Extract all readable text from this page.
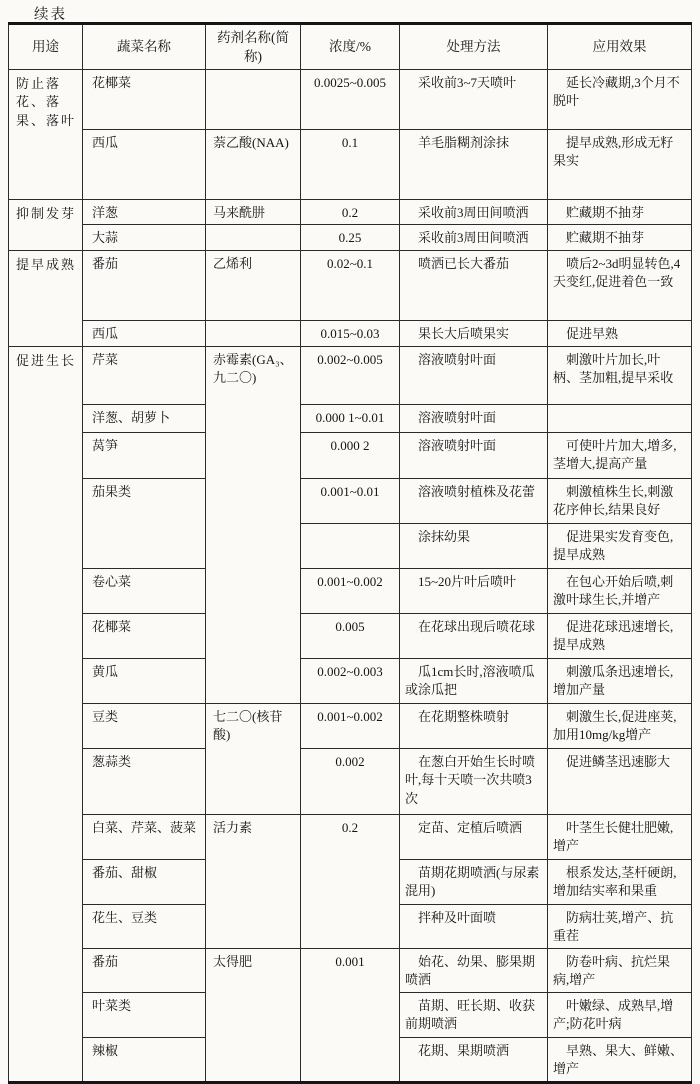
续表
用途	蔬菜名称	药剂名称(简称)	浓度/%	处理方法	应用效果
防止落花、落果、落叶	花椰菜		0.0025~0.005	采收前3~7天喷叶	延长冷藏期,3个月不脱叶
	西瓜	萘乙酸(NAA)	0.1	羊毛脂糊剂涂抹	提早成熟,形成无籽果实
抑制发芽	洋葱	马来酰肼	0.2	采收前3周田间喷洒	贮藏期不抽芽
	大蒜		0.25	采收前3周田间喷洒	贮藏期不抽芽
提早成熟	番茄	乙烯利	0.02~0.1	喷洒已长大番茄	喷后2~3d明显转色,4天变红,促进着色一致
	西瓜		0.015~0.03	果长大后喷果实	促进早熟
促进生长	芹菜	赤霉素(GA₃、九二〇)	0.002~0.005	溶液喷射叶面	刺激叶片加长,叶柄、茎加粗,提早采收
	洋葱、胡萝卜		0.000 1~0.01	溶液喷射叶面	
	莴笋		0.000 2	溶液喷射叶面	可使叶片加大,增多,茎增大,提高产量
	茄果类		0.001~0.01	溶液喷射植株及花蕾	刺激植株生长,刺激花序伸长,结果良好
				涂抹幼果	促进果实发育变色,提早成熟
	卷心菜		0.001~0.002	15~20片叶后喷叶	在包心开始后喷,刺激叶球生长,并增产
	花椰菜		0.005	在花球出现后喷花球	促进花球迅速增长,提早成熟
	黄瓜		0.002~0.003	瓜1cm长时,溶液喷瓜或涂瓜把	刺激瓜条迅速增长,增加产量
	豆类	七二〇(核苷酸)	0.001~0.002	在花期整株喷射	刺激生长,促进座荚,加用10mg/kg增产
	葱蒜类		0.002	在葱白开始生长时喷叶,每十天喷一次共喷3次	促进鳞茎迅速膨大
	白菜、芹菜、菠菜	活力素	0.2	定苗、定植后喷洒	叶茎生长健壮肥嫩,增产
	番茄、甜椒			苗期花期喷洒(与尿素混用)	根系发达,茎杆硬朗,增加结实率和果重
	花生、豆类			拌种及叶面喷	防病壮荚,增产、抗重茬
	番茄	太得肥	0.001	始花、幼果、膨果期喷洒	防卷叶病、抗烂果病,增产
	叶菜类			苗期、旺长期、收获前期喷洒	叶嫩绿、成熟早,增产;防花叶病
	辣椒			花期、果期喷洒	早熟、果大、鲜嫩、增产
